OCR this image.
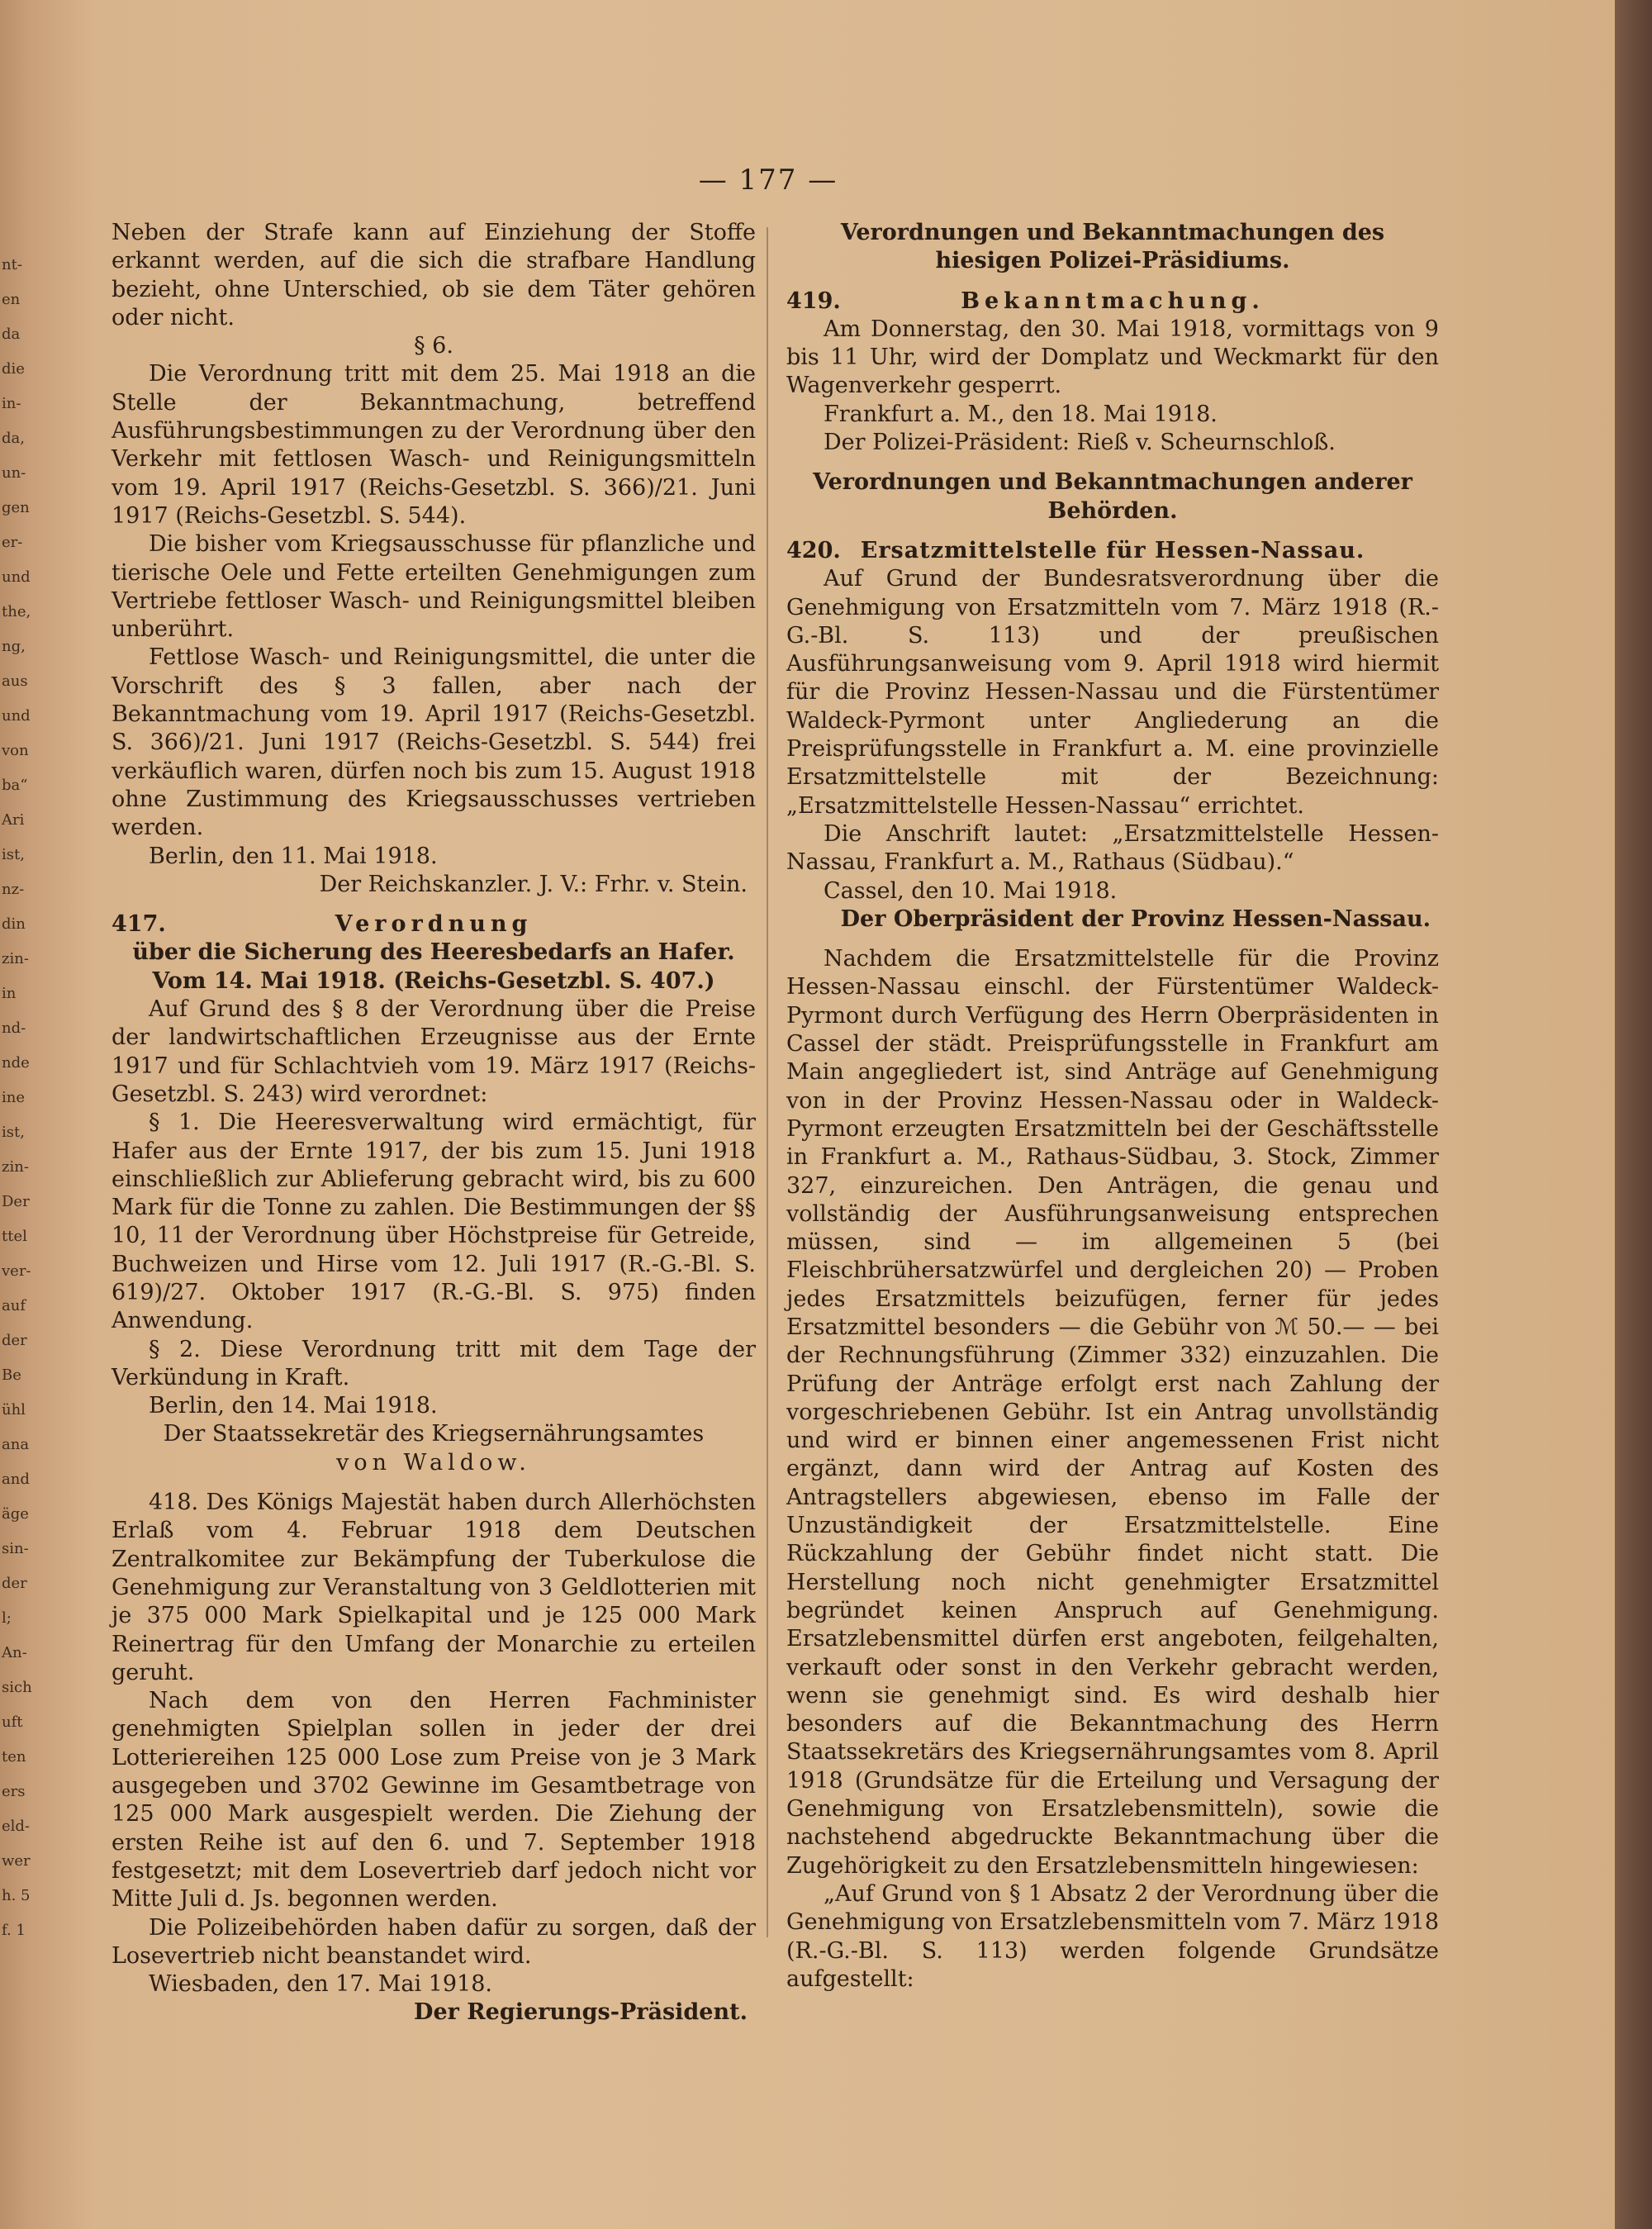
nt-
en
da
die
in-
da,
un-
gen
er-
und
the,
ng,
aus
und
von
ba“
Ari
ist,
nz-
din
zin-
in
nd-
nde
ine
ist,
zin-
Der
ttel
ver-
auf
der
Be
ühl
ana
and
äge
sin-
der
l;
An-
sich
uft
ten
ers
eld-
wer
h. 5
f. 1
— 177 —

Neben der Strafe kann auf Einziehung der Stoffe erkannt werden, auf die sich die strafbare Handlung bezieht, ohne Unterschied, ob sie dem Täter gehören oder nicht.

§ 6.

Die Verordnung tritt mit dem 25. Mai 1918 an die Stelle der Bekanntmachung, betreffend Ausführungsbestimmungen zu der Verordnung über den Verkehr mit fettlosen Wasch- und Reinigungsmitteln vom 19. April 1917 (Reichs-Gesetzbl. S. 366)/21. Juni 1917 (Reichs-Gesetzbl. S. 544).

Die bisher vom Kriegsausschusse für pflanzliche und tierische Oele und Fette erteilten Genehmigungen zum Vertriebe fettloser Wasch- und Reinigungsmittel bleiben unberührt.

Fettlose Wasch- und Reinigungsmittel, die unter die Vorschrift des § 3 fallen, aber nach der Bekanntmachung vom 19. April 1917 (Reichs-Gesetzbl. S. 366)/21. Juni 1917 (Reichs-Gesetzbl. S. 544) frei verkäuflich waren, dürfen noch bis zum 15. August 1918 ohne Zustimmung des Kriegsausschusses vertrieben werden.

Berlin, den 11. Mai 1918.

Der Reichskanzler. J. V.: Frhr. v. Stein.

417.	Verordnung

über die Sicherung des Heeresbedarfs an Hafer.

Vom 14. Mai 1918. (Reichs-Gesetzbl. S. 407.)

Auf Grund des § 8 der Verordnung über die Preise der landwirtschaftlichen Erzeugnisse aus der Ernte 1917 und für Schlachtvieh vom 19. März 1917 (Reichs-Gesetzbl. S. 243) wird verordnet:

§ 1. Die Heeresverwaltung wird ermächtigt, für Hafer aus der Ernte 1917, der bis zum 15. Juni 1918 einschließlich zur Ablieferung gebracht wird, bis zu 600 Mark für die Tonne zu zahlen. Die Bestimmungen der §§ 10, 11 der Verordnung über Höchstpreise für Getreide, Buchweizen und Hirse vom 12. Juli 1917 (R.-G.-Bl. S. 619)/27. Oktober 1917 (R.-G.-Bl. S. 975) finden Anwendung.

§ 2. Diese Verordnung tritt mit dem Tage der Verkündung in Kraft.

Berlin, den 14. Mai 1918.

Der Staatssekretär des Kriegsernährungsamtes

von Waldow.

418. Des Königs Majestät haben durch Allerhöchsten Erlaß vom 4. Februar 1918 dem Deutschen Zentralkomitee zur Bekämpfung der Tuberkulose die Genehmigung zur Veranstaltung von 3 Geldlotterien mit je 375 000 Mark Spielkapital und je 125 000 Mark Reinertrag für den Umfang der Monarchie zu erteilen geruht.

Nach dem von den Herren Fachminister genehmigten Spielplan sollen in jeder der drei Lotteriereihen 125 000 Lose zum Preise von je 3 Mark ausgegeben und 3702 Gewinne im Gesamtbetrage von 125 000 Mark ausgespielt werden. Die Ziehung der ersten Reihe ist auf den 6. und 7. September 1918 festgesetzt; mit dem Losevertrieb darf jedoch nicht vor Mitte Juli d. Js. begonnen werden.

Die Polizeibehörden haben dafür zu sorgen, daß der Losevertrieb nicht beanstandet wird.

Wiesbaden, den 17. Mai 1918.

Der Regierungs-Präsident.

Verordnungen und Bekanntmachungen des hiesigen Polizei-Präsidiums.

419.	Bekanntmachung.

Am Donnerstag, den 30. Mai 1918, vormittags von 9 bis 11 Uhr, wird der Domplatz und Weckmarkt für den Wagenverkehr gesperrt.

Frankfurt a. M., den 18. Mai 1918.

Der Polizei-Präsident: Rieß v. Scheurnschloß.

Verordnungen und Bekanntmachungen anderer Behörden.

420. Ersatzmittelstelle für Hessen-Nassau.

Auf Grund der Bundesratsverordnung über die Genehmigung von Ersatzmitteln vom 7. März 1918 (R.-G.-Bl. S. 113) und der preußischen Ausführungsanweisung vom 9. April 1918 wird hiermit für die Provinz Hessen-Nassau und die Fürstentümer Waldeck-Pyrmont unter Angliederung an die Preisprüfungsstelle in Frankfurt a. M. eine provinzielle Ersatzmittelstelle mit der Bezeichnung: „Ersatzmittelstelle Hessen-Nassau“ errichtet.

Die Anschrift lautet: „Ersatzmittelstelle Hessen-Nassau, Frankfurt a. M., Rathaus (Südbau).“

Cassel, den 10. Mai 1918.

Der Oberpräsident der Provinz Hessen-Nassau.

Nachdem die Ersatzmittelstelle für die Provinz Hessen-Nassau einschl. der Fürstentümer Waldeck-Pyrmont durch Verfügung des Herrn Oberpräsidenten in Cassel der städt. Preisprüfungsstelle in Frankfurt am Main angegliedert ist, sind Anträge auf Genehmigung von in der Provinz Hessen-Nassau oder in Waldeck-Pyrmont erzeugten Ersatzmitteln bei der Geschäftsstelle in Frankfurt a. M., Rathaus-Südbau, 3. Stock, Zimmer 327, einzureichen. Den Anträgen, die genau und vollständig der Ausführungsanweisung entsprechen müssen, sind — im allgemeinen 5 (bei Fleischbrühersatzwürfel und dergleichen 20) — Proben jedes Ersatzmittels beizufügen, ferner für jedes Ersatzmittel besonders — die Gebühr von ℳ 50.— — bei der Rechnungsführung (Zimmer 332) einzuzahlen. Die Prüfung der Anträge erfolgt erst nach Zahlung der vorgeschriebenen Gebühr. Ist ein Antrag unvollständig und wird er binnen einer angemessenen Frist nicht ergänzt, dann wird der Antrag auf Kosten des Antragstellers abgewiesen, ebenso im Falle der Unzuständigkeit der Ersatzmittelstelle. Eine Rückzahlung der Gebühr findet nicht statt. Die Herstellung noch nicht genehmigter Ersatzmittel begründet keinen Anspruch auf Genehmigung. Ersatzlebensmittel dürfen erst angeboten, feilgehalten, verkauft oder sonst in den Verkehr gebracht werden, wenn sie genehmigt sind. Es wird deshalb hier besonders auf die Bekanntmachung des Herrn Staatssekretärs des Kriegsernährungsamtes vom 8. April 1918 (Grundsätze für die Erteilung und Versagung der Genehmigung von Ersatzlebensmitteln), sowie die nachstehend abgedruckte Bekanntmachung über die Zugehörigkeit zu den Ersatzlebensmitteln hingewiesen:

„Auf Grund von § 1 Absatz 2 der Verordnung über die Genehmigung von Ersatzlebensmitteln vom 7. März 1918 (R.-G.-Bl. S. 113) werden folgende Grundsätze aufgestellt:
